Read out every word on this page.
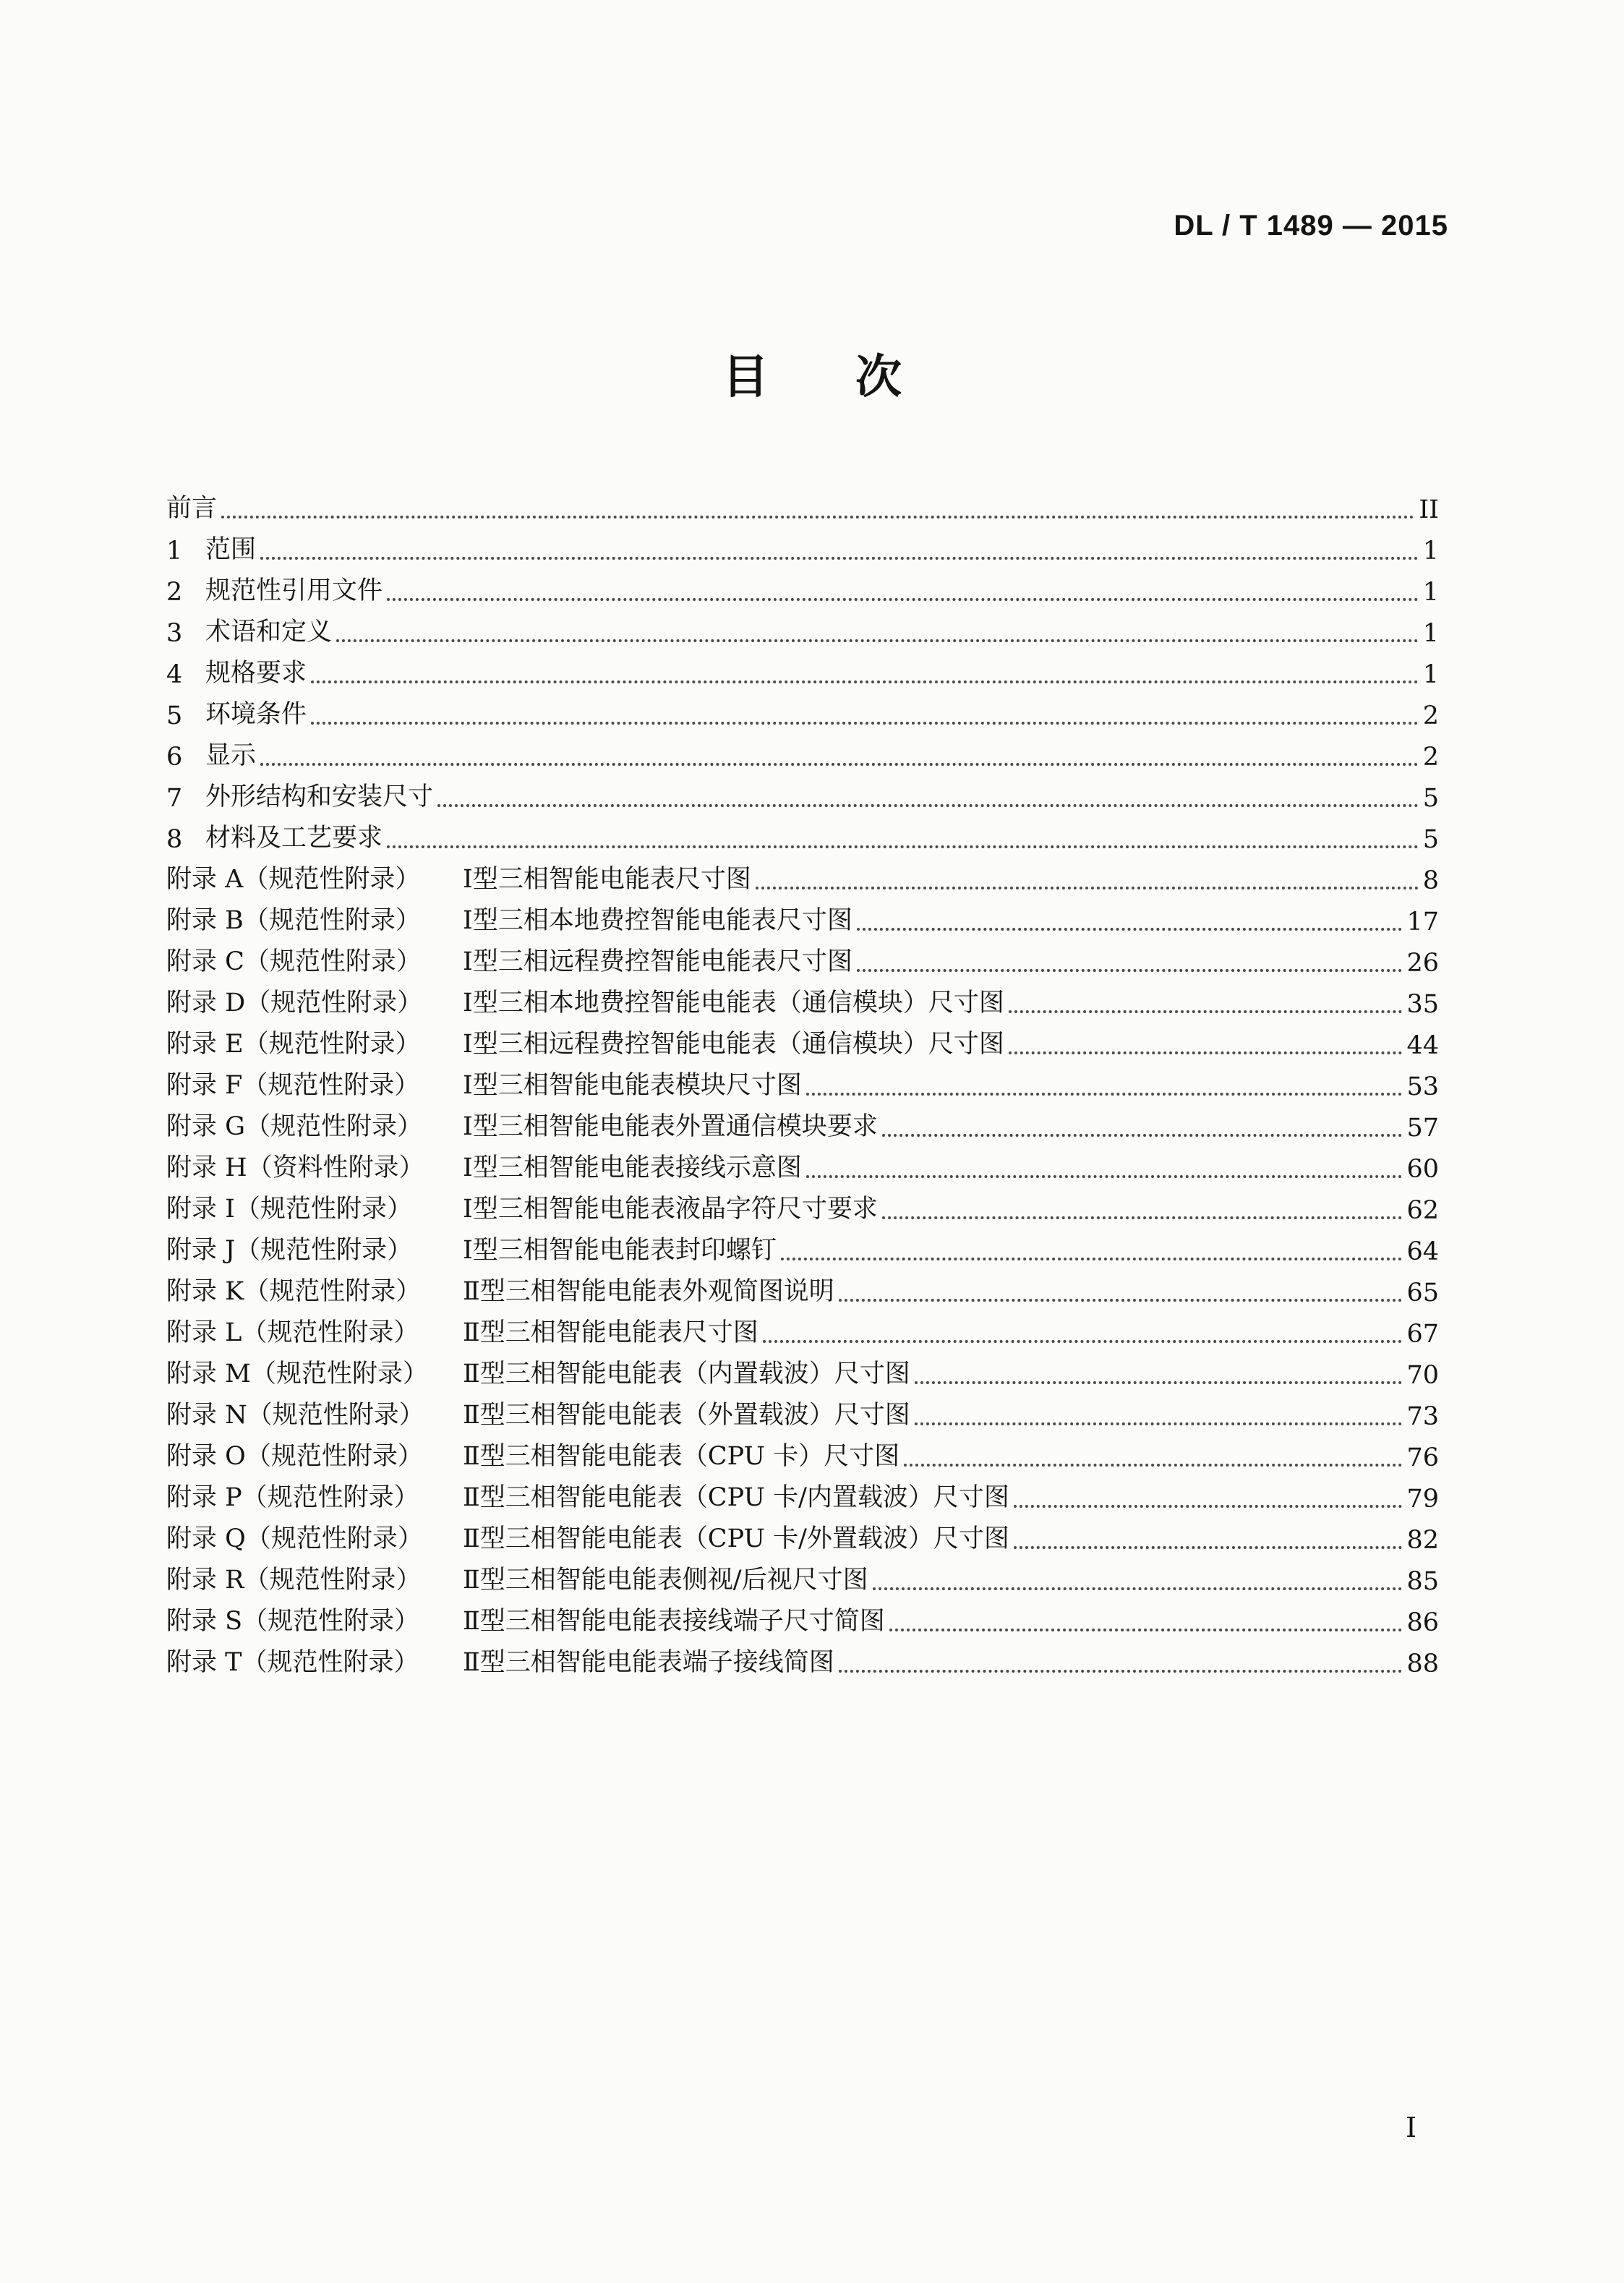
DL / T 1489 — 2015
目 次
前言	II
1 范围	1
2 规范性引用文件	1
3 术语和定义	1
4 规格要求	1
5 环境条件	2
6 显示	2
7 外形结构和安装尺寸	5
8 材料及工艺要求	5
附录 A（规范性附录）	Ⅰ型三相智能电能表尺寸图	8
附录 B（规范性附录）	Ⅰ型三相本地费控智能电能表尺寸图	17
附录 C（规范性附录）	Ⅰ型三相远程费控智能电能表尺寸图	26
附录 D（规范性附录）	Ⅰ型三相本地费控智能电能表（通信模块）尺寸图	35
附录 E（规范性附录）	Ⅰ型三相远程费控智能电能表（通信模块）尺寸图	44
附录 F（规范性附录）	Ⅰ型三相智能电能表模块尺寸图	53
附录 G（规范性附录）	Ⅰ型三相智能电能表外置通信模块要求	57
附录 H（资料性附录）	Ⅰ型三相智能电能表接线示意图	60
附录 I（规范性附录）	Ⅰ型三相智能电能表液晶字符尺寸要求	62
附录 J（规范性附录）	Ⅰ型三相智能电能表封印螺钉	64
附录 K（规范性附录）	Ⅱ型三相智能电能表外观简图说明	65
附录 L（规范性附录）	Ⅱ型三相智能电能表尺寸图	67
附录 M（规范性附录）	Ⅱ型三相智能电能表（内置载波）尺寸图	70
附录 N（规范性附录）	Ⅱ型三相智能电能表（外置载波）尺寸图	73
附录 O（规范性附录）	Ⅱ型三相智能电能表（CPU 卡）尺寸图	76
附录 P（规范性附录）	Ⅱ型三相智能电能表（CPU 卡/内置载波）尺寸图	79
附录 Q（规范性附录）	Ⅱ型三相智能电能表（CPU 卡/外置载波）尺寸图	82
附录 R（规范性附录）	Ⅱ型三相智能电能表侧视/后视尺寸图	85
附录 S（规范性附录）	Ⅱ型三相智能电能表接线端子尺寸简图	86
附录 T（规范性附录）	Ⅱ型三相智能电能表端子接线简图	88
I
